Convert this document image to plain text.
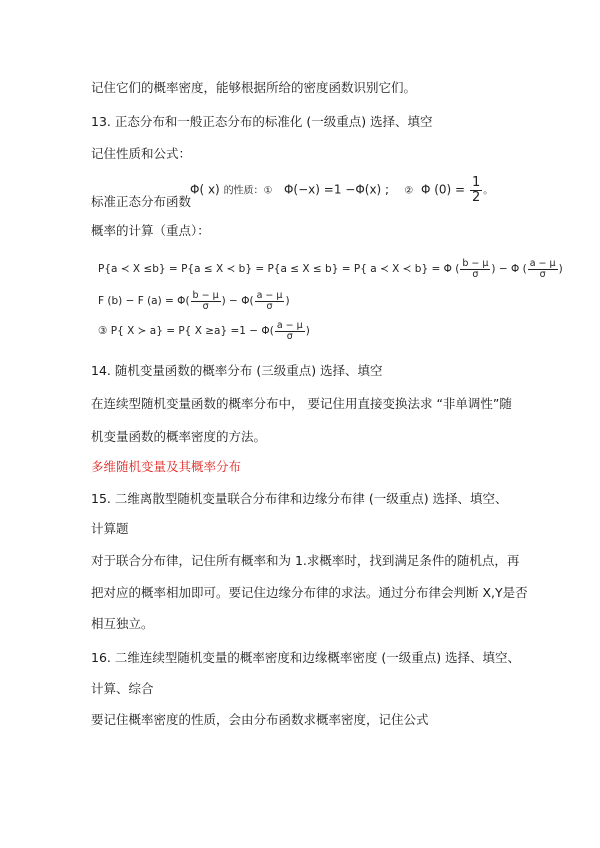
记住它们的概率密度，能够根据所给的密度函数识别它们。
13. 正态分布和一般正态分布的标准化 (一级重点) 选择、填空
记住性质和公式：
Φ( x) 的性质：① Φ(−x) =1 −Φ(x) ; ② Φ $(0) = \frac{1}{2}$ 。
标准正态分布函数
概率的计算（重点）：
P{a ≺ X ≤b} = P{a ≤ X ≺ b} = P{a ≤ X ≤ b} = P{ a ≺ X ≺ b} = Φ ( $\frac{b - \mu}{\sigma}$ ) − Φ ( $\frac{a - \mu}{\sigma}$ )
F (b) − F $(a) = \Phi( \frac{b - \mu}{\sigma}$ ) − $\Phi( \frac{a - \mu}{\sigma}$ )
③ P{ X ≻ a} = P{ $X \ge a\} =1 - \Phi( \frac{a - \mu}{\sigma}$ )
14. 随机变量函数的概率分布 (三级重点) 选择、填空
在连续型随机变量函数的概率分布中， 要记住用直接变换法求 “非单调性”随
机变量函数的概率密度的方法。
多维随机变量及其概率分布
15. 二维离散型随机变量联合分布律和边缘分布律 (一级重点) 选择、填空、
计算题
对于联合分布律，记住所有概率和为 1.求概率时，找到满足条件的随机点，再
把对应的概率相加即可。要记住边缘分布律的求法。通过分布律会判断 X,Y是否
相互独立。
16. 二维连续型随机变量的概率密度和边缘概率密度 (一级重点) 选择、填空、
计算、综合
要记住概率密度的性质，会由分布函数求概率密度，记住公式
